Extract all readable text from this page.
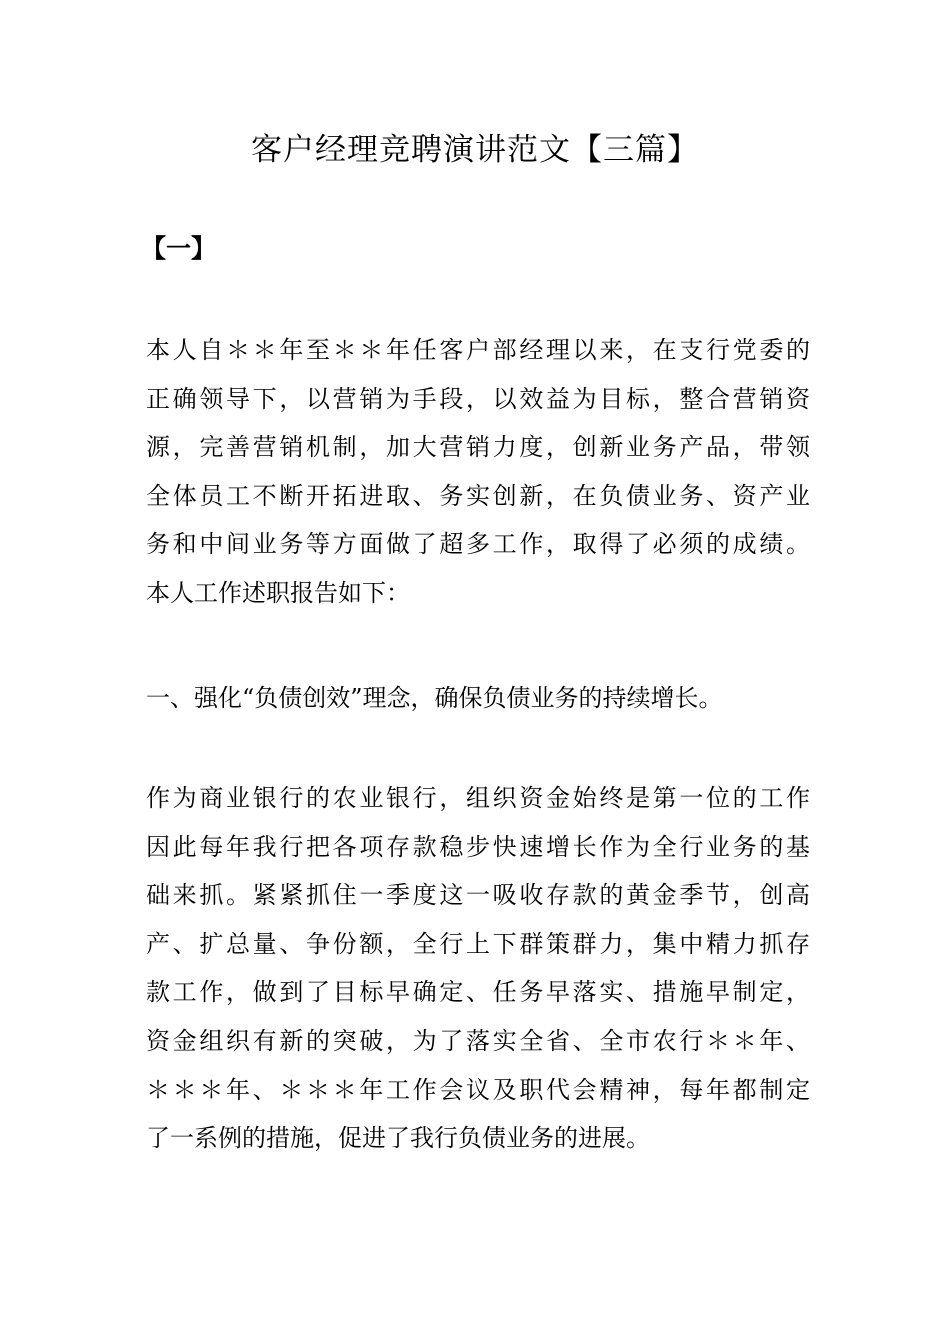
客户经理竞聘演讲范文【三篇】
【一】

本人自＊＊年至＊＊年任客户部经理以来，在支行党委的
正确领导下，以营销为手段，以效益为目标，整合营销资
源，完善营销机制，加大营销力度，创新业务产品，带领
全体员工不断开拓进取、务实创新，在负债业务、资产业
务和中间业务等方面做了超多工作，取得了必须的成绩。
本人工作述职报告如下：

一、强化“负债创效”理念，确保负债业务的持续增长。

作为商业银行的农业银行，组织资金始终是第一位的工作
因此每年我行把各项存款稳步快速增长作为全行业务的基
础来抓。紧紧抓住一季度这一吸收存款的黄金季节，创高
产、扩总量、争份额，全行上下群策群力，集中精力抓存
款工作，做到了目标早确定、任务早落实、措施早制定，
资金组织有新的突破，为了落实全省、全市农行＊＊年、
＊＊＊年、＊＊＊年工作会议及职代会精神，每年都制定
了一系例的措施，促进了我行负债业务的进展。
